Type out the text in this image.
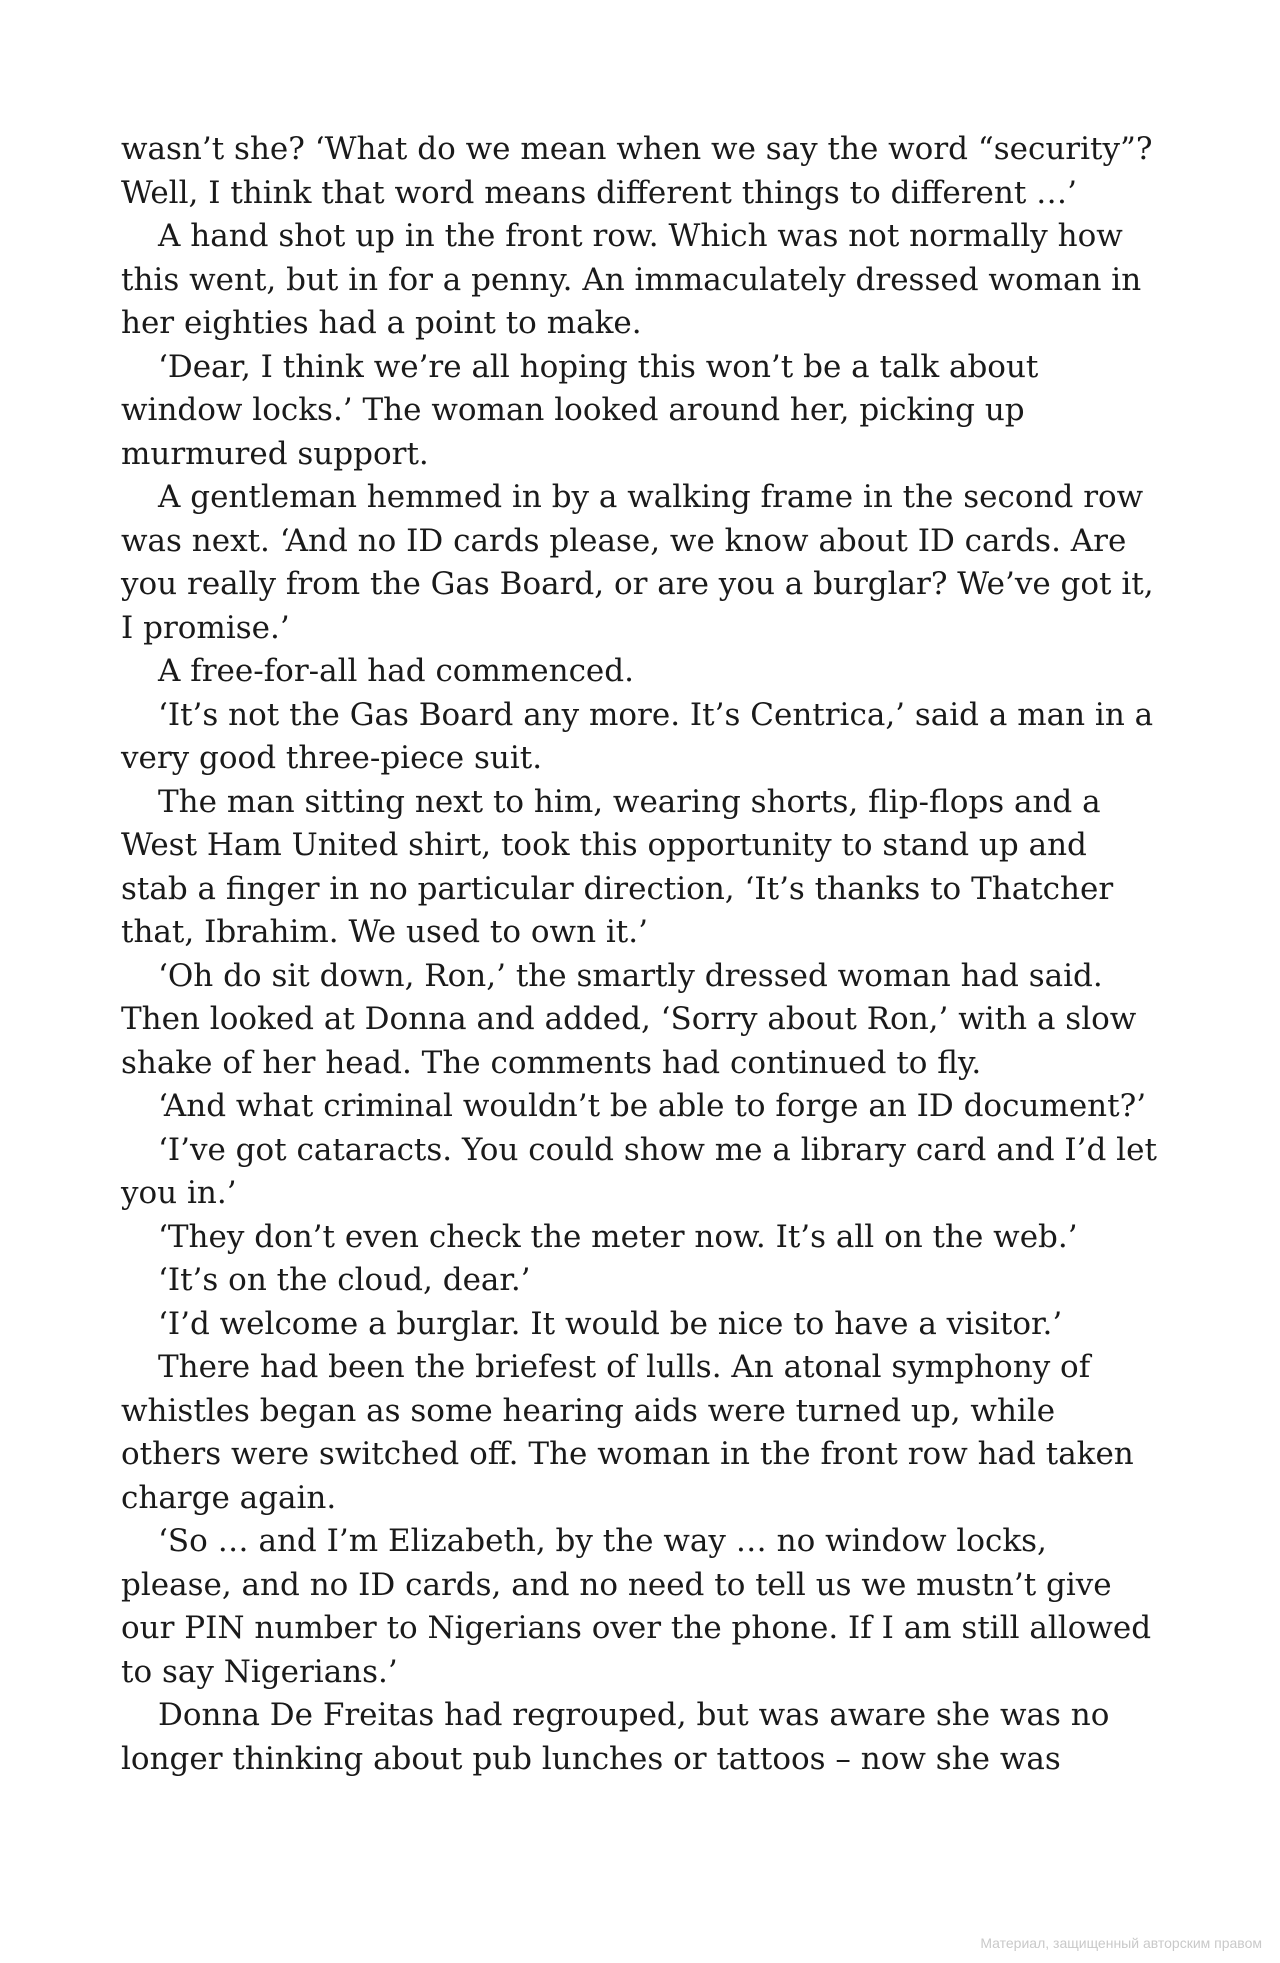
wasn’t she? ‘What do we mean when we say the word “security”? Well, I think that word means different things to different …’

A hand shot up in the front row. Which was not normally how this went, but in for a penny. An immaculately dressed woman in her eighties had a point to make.

‘Dear, I think we’re all hoping this won’t be a talk about window locks.’ The woman looked around her, picking up murmured support.

A gentleman hemmed in by a walking frame in the second row was next. ‘And no ID cards please, we know about ID cards. Are you really from the Gas Board, or are you a burglar? We’ve got it, I promise.’

A free-for-all had commenced.

‘It’s not the Gas Board any more. It’s Centrica,’ said a man in a very good three-piece suit.

The man sitting next to him, wearing shorts, flip-flops and a West Ham United shirt, took this opportunity to stand up and stab a finger in no particular direction, ‘It’s thanks to Thatcher that, Ibrahim. We used to own it.’

‘Oh do sit down, Ron,’ the smartly dressed woman had said. Then looked at Donna and added, ‘Sorry about Ron,’ with a slow shake of her head. The comments had continued to fly.

‘And what criminal wouldn’t be able to forge an ID document?’

‘I’ve got cataracts. You could show me a library card and I’d let you in.’

‘They don’t even check the meter now. It’s all on the web.’

‘It’s on the cloud, dear.’

‘I’d welcome a burglar. It would be nice to have a visitor.’

There had been the briefest of lulls. An atonal symphony of whistles began as some hearing aids were turned up, while others were switched off. The woman in the front row had taken charge again.

‘So … and I’m Elizabeth, by the way … no window locks, please, and no ID cards, and no need to tell us we mustn’t give our PIN number to Nigerians over the phone. If I am still allowed to say Nigerians.’

Donna De Freitas had regrouped, but was aware she was no longer thinking about pub lunches or tattoos – now she was

Материал, защищенный авторским правом
